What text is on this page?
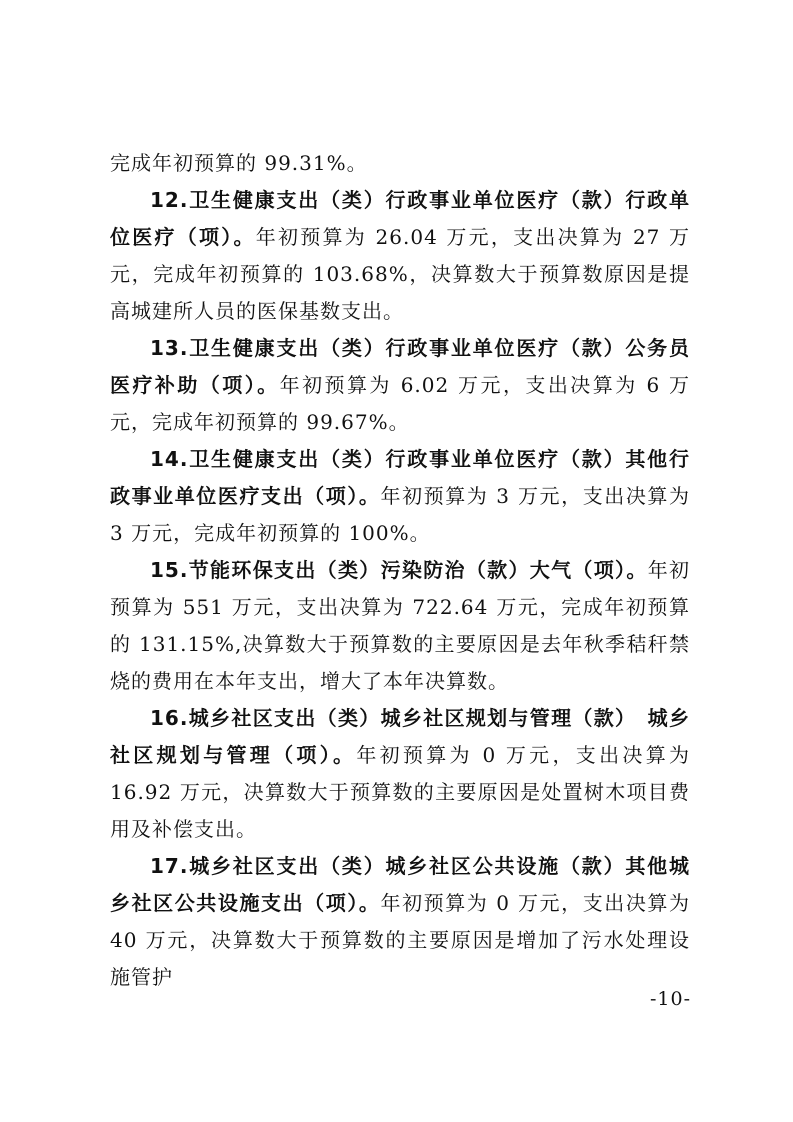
完成年初预算的 99.31%。

12.卫生健康支出（类）行政事业单位医疗（款）行政单位医疗（项）。年初预算为 26.04 万元，支出决算为 27 万元，完成年初预算的 103.68%，决算数大于预算数原因是提高城建所人员的医保基数支出。

13.卫生健康支出（类）行政事业单位医疗（款）公务员医疗补助（项）。年初预算为 6.02 万元，支出决算为 6 万元，完成年初预算的 99.67%。

14.卫生健康支出（类）行政事业单位医疗（款）其他行政事业单位医疗支出（项）。年初预算为 3 万元，支出决算为 3 万元，完成年初预算的 100%。

15.节能环保支出（类）污染防治（款）大气（项）。年初预算为 551 万元，支出决算为 722.64 万元，完成年初预算的 131.15%,决算数大于预算数的主要原因是去年秋季秸秆禁烧的费用在本年支出，增大了本年决算数。

16.城乡社区支出（类）城乡社区规划与管理（款）　城乡社区规划与管理（项）。年初预算为 0 万元，支出决算为 16.92 万元，决算数大于预算数的主要原因是处置树木项目费用及补偿支出。

17.城乡社区支出（类）城乡社区公共设施（款）其他城乡社区公共设施支出（项）。年初预算为 0 万元，支出决算为 40 万元，决算数大于预算数的主要原因是增加了污水处理设施管护

-10-
